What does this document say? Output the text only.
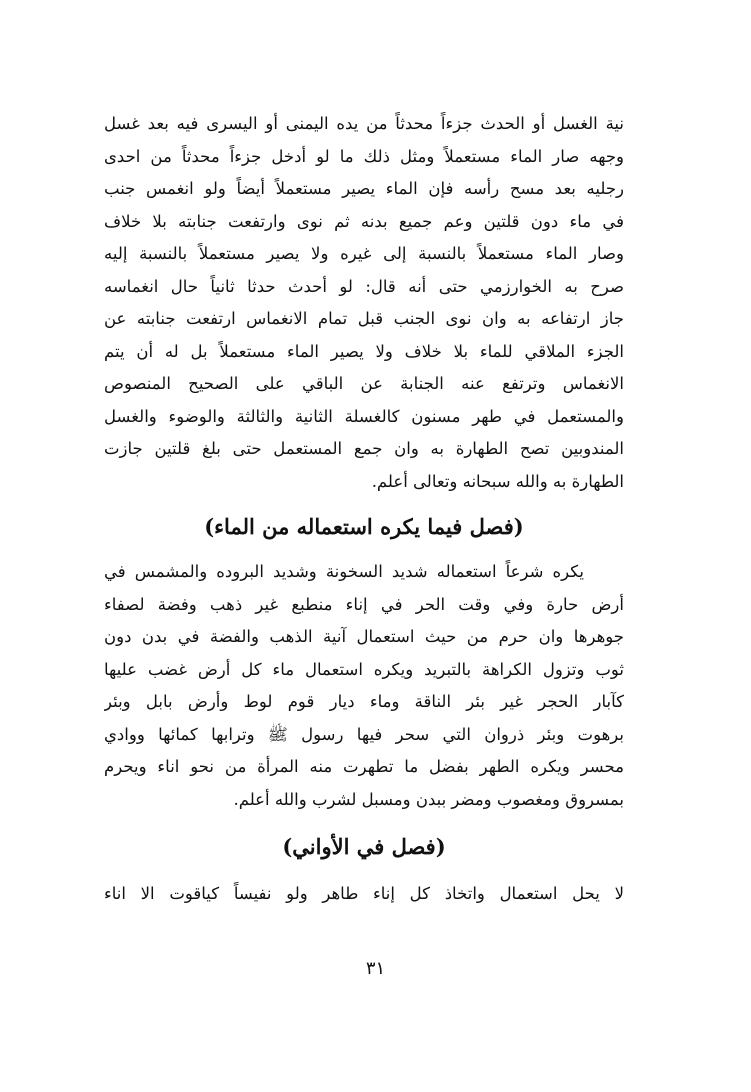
نية الغسل أو الحدث جزءاً محدثاً من يده اليمنى أو اليسرى فيه بعد غسل
وجهه صار الماء مستعملاً ومثل ذلك ما لو أدخل جزءاً محدثاً من احدى
رجليه بعد مسح رأسه فإن الماء يصير مستعملاً أيضاً ولو انغمس جنب
في ماء دون قلتين وعم جميع بدنه ثم نوى وارتفعت جنابته بلا خلاف
وصار الماء مستعملاً بالنسبة إلى غيره ولا يصير مستعملاً بالنسبة إليه
صرح به الخوارزمي حتى أنه قال: لو أحدث حدثا ثانياً حال انغماسه
جاز ارتفاعه به وان نوى الجنب قبل تمام الانغماس ارتفعت جنابته عن
الجزء الملاقي للماء بلا خلاف ولا يصير الماء مستعملاً بل له أن يتم
الانغماس وترتفع عنه الجنابة عن الباقي على الصحيح المنصوص
والمستعمل في طهر مسنون كالغسلة الثانية والثالثة والوضوء والغسل
المندوبين تصح الطهارة به وان جمع المستعمل حتى بلغ قلتين جازت
الطهارة به والله سبحانه وتعالى أعلم.
(فصل فيما يكره استعماله من الماء)
يكره شرعاً استعماله شديد السخونة وشديد البروده والمشمس في
أرض حارة وفي وقت الحر في إناء منطبع غير ذهب وفضة لصفاء
جوهرها وان حرم من حيث استعمال آنية الذهب والفضة في بدن دون
ثوب وتزول الكراهة بالتبريد ويكره استعمال ماء كل أرض غضب عليها
كآبار الحجر غير بئر الناقة وماء ديار قوم لوط وأرض بابل وبئر
برهوت وبئر ذروان التي سحر فيها رسول ﷺ وترابها كمائها ووادي
محسر ويكره الطهر بفضل ما تطهرت منه المرأة من نحو اناء ويحرم
بمسروق ومغصوب ومضر ببدن ومسبل لشرب والله أعلم.
(فصل في الأواني)
لا يحل استعمال واتخاذ كل إناء طاهر ولو نفيساً كياقوت الا اناء
٣١
